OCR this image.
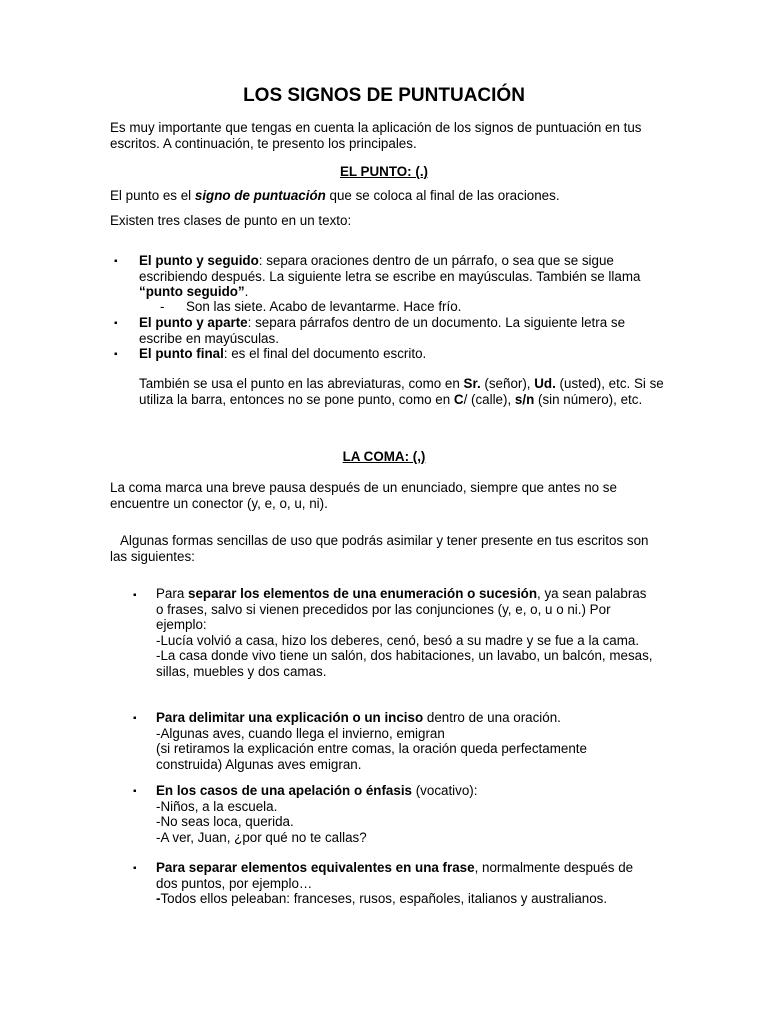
LOS SIGNOS DE PUNTUACIÓN
Es muy importante que tengas en cuenta la aplicación de los signos de puntuación en tus escritos. A continuación, te presento los principales.
EL PUNTO: (.)
El punto es el signo de puntuación que se coloca al final de las oraciones.
Existen tres clases de punto en un texto:
▪ El punto y seguido: separa oraciones dentro de un párrafo, o sea que se sigue escribiendo después. La siguiente letra se escribe en mayúsculas. También se llama “punto seguido”.
- Son las siete. Acabo de levantarme. Hace frío.
▪ El punto y aparte: separa párrafos dentro de un documento. La siguiente letra se escribe en mayúsculas.
▪ El punto final: es el final del documento escrito.
También se usa el punto en las abreviaturas, como en Sr. (señor), Ud. (usted), etc. Si se utiliza la barra, entonces no se pone punto, como en C/ (calle), s/n (sin número), etc.
LA COMA: (,)
La coma marca una breve pausa después de un enunciado, siempre que antes no se encuentre un conector (y, e, o, u, ni).
Algunas formas sencillas de uso que podrás asimilar y tener presente en tus escritos son las siguientes:
▪ Para separar los elementos de una enumeración o sucesión, ya sean palabras o frases, salvo si vienen precedidos por las conjunciones (y, e, o, u o ni.) Por ejemplo:
-Lucía volvió a casa, hizo los deberes, cenó, besó a su madre y se fue a la cama.
-La casa donde vivo tiene un salón, dos habitaciones, un lavabo, un balcón, mesas, sillas, muebles y dos camas.
▪ Para delimitar una explicación o un inciso dentro de una oración.
-Algunas aves, cuando llega el invierno, emigran
(si retiramos la explicación entre comas, la oración queda perfectamente construida) Algunas aves emigran.
▪ En los casos de una apelación o énfasis (vocativo):
-Niños, a la escuela.
-No seas loca, querida.
-A ver, Juan, ¿por qué no te callas?
▪ Para separar elementos equivalentes en una frase, normalmente después de dos puntos, por ejemplo…
-Todos ellos peleaban: franceses, rusos, españoles, italianos y australianos.
